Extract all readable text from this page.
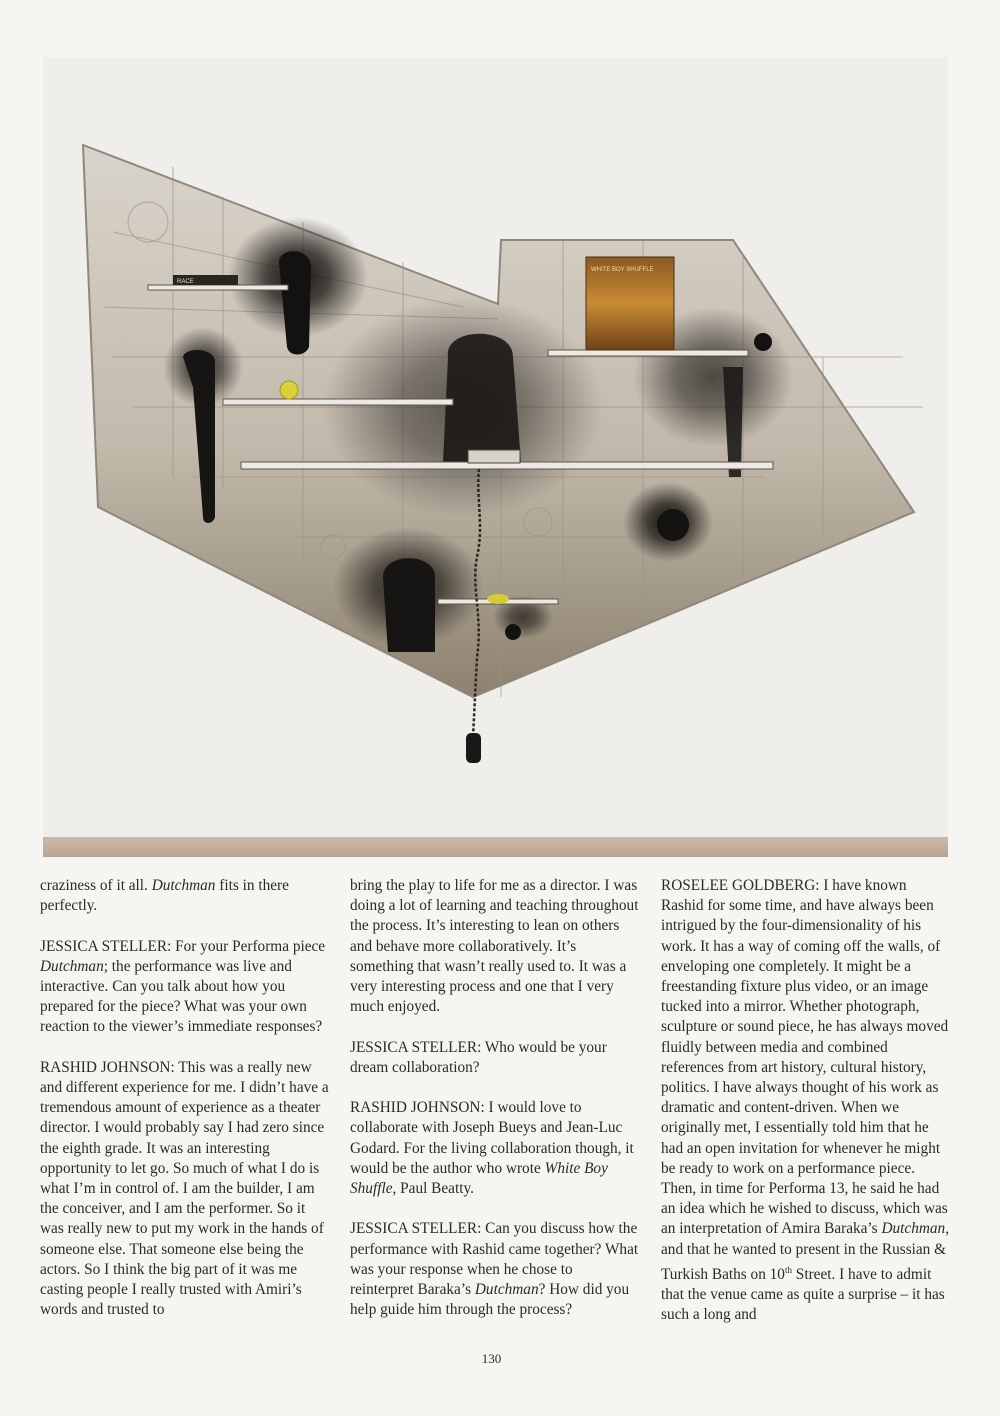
RACE
WHITE BOY SHUFFLE

craziness of it all. Dutchman fits in there perfectly.

JESSICA STELLER: For your Performa piece Dutchman; the performance was live and interactive. Can you talk about how you prepared for the piece? What was your own reaction to the viewer’s immediate responses?

RASHID JOHNSON: This was a really new and different experience for me. I didn’t have a tremendous amount of experience as a theater director. I would probably say I had zero since the eighth grade. It was an interesting opportunity to let go. So much of what I do is what I’m in control of. I am the builder, I am the conceiver, and I am the performer. So it was really new to put my work in the hands of someone else. That someone else being the actors. So I think the big part of it was me casting people I really trusted with Amiri’s words and trusted to

bring the play to life for me as a director. I was doing a lot of learning and teaching throughout the process. It’s interesting to lean on others and behave more collaboratively. It’s something that wasn’t really used to. It was a very interesting process and one that I very much enjoyed.

JESSICA STELLER: Who would be your dream collaboration?

RASHID JOHNSON: I would love to collaborate with Joseph Bueys and Jean-Luc Godard. For the living collaboration though, it would be the author who wrote White Boy Shuffle, Paul Beatty.

JESSICA STELLER: Can you discuss how the performance with Rashid came together? What was your response when he chose to reinterpret Baraka’s Dutchman? How did you help guide him through the process?

ROSELEE GOLDBERG: I have known Rashid for some time, and have always been intrigued by the four-dimensionality of his work. It has a way of coming off the walls, of enveloping one completely. It might be a freestanding fixture plus video, or an image tucked into a mirror. Whether photograph, sculpture or sound piece, he has always moved fluidly between media and combined references from art history, cultural history, politics. I have always thought of his work as dramatic and content-driven. When we originally met, I essentially told him that he had an open invitation for whenever he might be ready to work on a performance piece. Then, in time for Performa 13, he said he had an idea which he wished to discuss, which was an interpretation of Amira Baraka’s Dutchman, and that he wanted to present in the Russian & Turkish Baths on 10th Street. I have to admit that the venue came as quite a surprise – it has such a long and

130
